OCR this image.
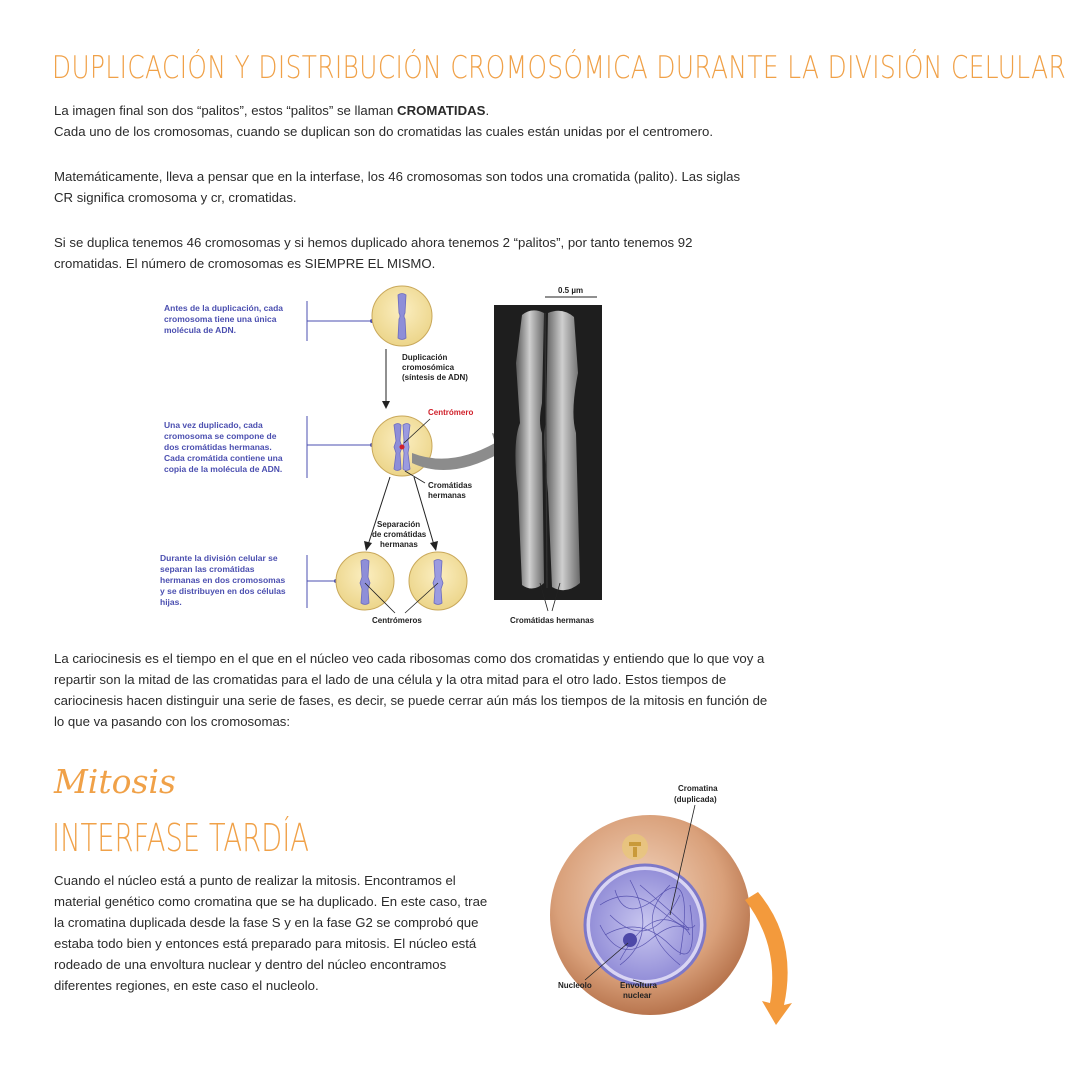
DUPLICACIÓN Y DISTRIBUCIÓN CROMOSÓMICA DURANTE LA DIVISIÓN CELULAR
La imagen final son dos “palitos”, estos “palitos” se llaman CROMATIDAS.
Cada uno de los cromosomas, cuando se duplican son do cromatidas las cuales están unidas por el centromero.
Matemáticamente, lleva a pensar que en la interfase, los 46 cromosomas son todos una cromatida (palito). Las siglas CR significa cromosoma y cr, cromatidas.
Si se duplica tenemos 46 cromosomas y si hemos duplicado ahora tenemos 2 “palitos”, por tanto tenemos 92 cromatidas. El número de cromosomas es SIEMPRE EL MISMO.
Antes de la duplicación, cada
cromosoma tiene una única
molécula de ADN.
Una vez duplicado, cada
cromosoma se compone de
dos cromátidas hermanas.
Cada cromátida contiene una
copia de la molécula de ADN.
Durante la división celular se
separan las cromátidas
hermanas en dos cromosomas
y se distribuyen en dos células
hijas.
Duplicación
cromosómica
(síntesis de ADN)
Centrómero
Cromátidas
hermanas
Separación
de cromátidas
hermanas
Centrómeros
0.5 µm
Cromátidas hermanas
La cariocinesis es el tiempo en el que en el núcleo veo cada ribosomas como dos cromatidas y entiendo que lo que voy a repartir son la mitad de las cromatidas para el lado de una célula y la otra mitad para el otro lado. Estos tiempos de cariocinesis hacen distinguir una serie de fases, es decir, se puede cerrar aún más los tiempos de la mitosis en función de lo que va pasando con los cromosomas:
Mitosis
INTERFASE TARDÍA
Cuando el núcleo está a punto de realizar la mitosis. Encontramos el material genético como cromatina que se ha duplicado. En este caso, trae la cromatina duplicada desde la fase S y en la fase G2 se comprobó que estaba todo bien y entonces está preparado para mitosis. El núcleo está rodeado de una envoltura nuclear y dentro del núcleo encontramos diferentes regiones, en este caso el nucleolo.
Cromatina
(duplicada)
Nucleolo	Envoltura
nuclear
